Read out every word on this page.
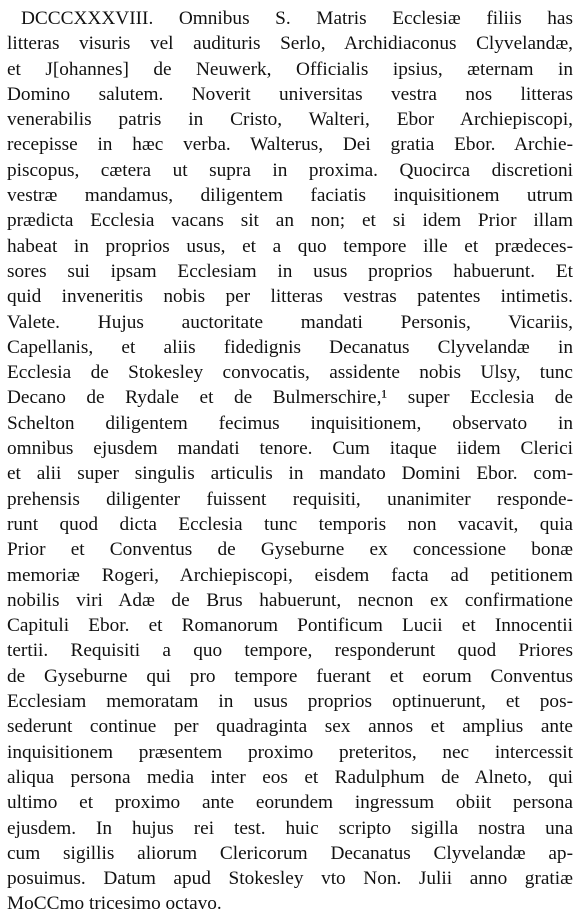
DCCCXXXVIII. Omnibus S. Matris Ecclesiæ filiis has
litteras visuris vel audituris Serlo, Archidiaconus Clyvelandæ,
et J[ohannes] de Neuwerk, Officialis ipsius, æternam in
Domino salutem. Noverit universitas vestra nos litteras
venerabilis patris in Cristo, Walteri, Ebor Archiepiscopi,
recepisse in hæc verba. Walterus, Dei gratia Ebor. Archie-
piscopus, cætera ut supra in proxima. Quocirca discretioni
vestræ mandamus, diligentem faciatis inquisitionem utrum
prædicta Ecclesia vacans sit an non; et si idem Prior illam
habeat in proprios usus, et a quo tempore ille et prædeces-
sores sui ipsam Ecclesiam in usus proprios habuerunt. Et
quid inveneritis nobis per litteras vestras patentes intimetis.
Valete. Hujus auctoritate mandati Personis, Vicariis,
Capellanis, et aliis fidedignis Decanatus Clyvelandæ in
Ecclesia de Stokesley convocatis, assidente nobis Ulsy, tunc
Decano de Rydale et de Bulmerschire,¹ super Ecclesia de
Schelton diligentem fecimus inquisitionem, observato in
omnibus ejusdem mandati tenore. Cum itaque iidem Clerici
et alii super singulis articulis in mandato Domini Ebor. com-
prehensis diligenter fuissent requisiti, unanimiter responde-
runt quod dicta Ecclesia tunc temporis non vacavit, quia
Prior et Conventus de Gyseburne ex concessione bonæ
memoriæ Rogeri, Archiepiscopi, eisdem facta ad petitionem
nobilis viri Adæ de Brus habuerunt, necnon ex confirmatione
Capituli Ebor. et Romanorum Pontificum Lucii et Innocentii
tertii. Requisiti a quo tempore, responderunt quod Priores
de Gyseburne qui pro tempore fuerant et eorum Conventus
Ecclesiam memoratam in usus proprios optinuerunt, et pos-
sederunt continue per quadraginta sex annos et amplius ante
inquisitionem præsentem proximo preteritos, nec intercessit
aliqua persona media inter eos et Radulphum de Alneto, qui
ultimo et proximo ante eorundem ingressum obiit persona
ejusdem. In hujus rei test. huic scripto sigilla nostra una
cum sigillis aliorum Clericorum Decanatus Clyvelandæ ap-
posuimus. Datum apud Stokesley vto Non. Julii anno gratiæ
MoCCmo tricesimo octavo.
